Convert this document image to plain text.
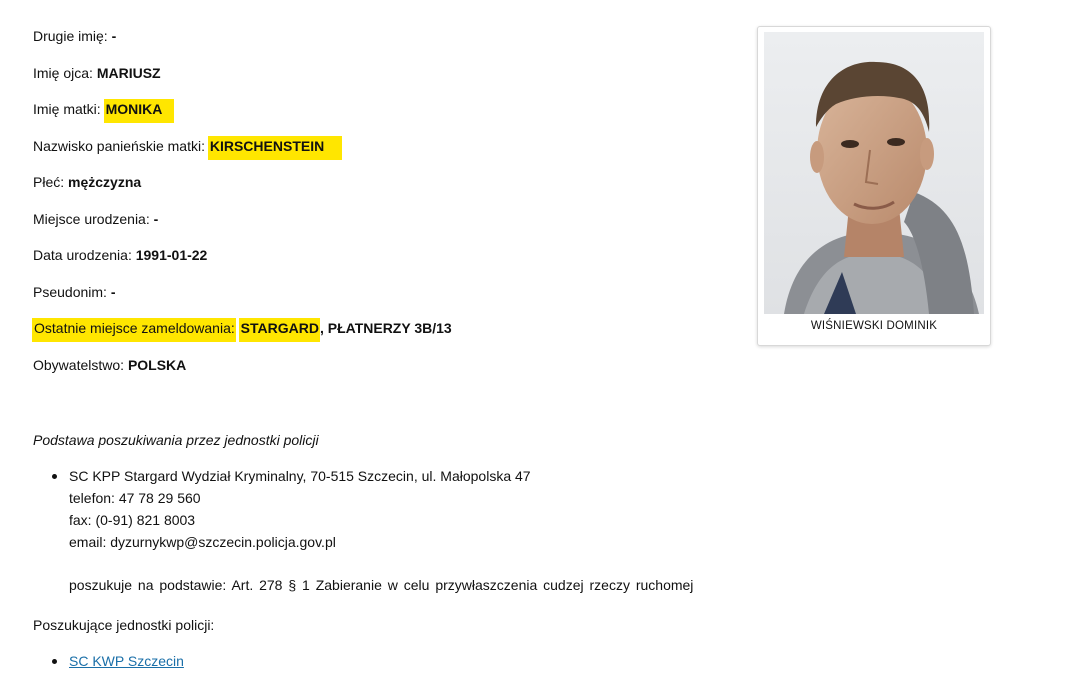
Drugie imię: -
Imię ojca: MARIUSZ
Imię matki: MONIKA
Nazwisko panieńskie matki: KIRSCHENSTEIN
Płeć: mężczyzna
Miejsce urodzenia: -
Data urodzenia: 1991-01-22
Pseudonim: -
Ostatnie miejsce zameldowania: STARGARD, PŁATNERZY 3B/13
Obywatelstwo: POLSKA
WIŚNIEWSKI DOMINIK
Podstawa poszukiwania przez jednostki policji
SC KPP Stargard Wydział Kryminalny, 70-515 Szczecin, ul. Małopolska 47
telefon: 47 78 29 560
fax: (0-91) 821 8003
email: dyzurnykwp@szczecin.policja.gov.pl
poszukuje na podstawie: Art. 278 § 1 Zabieranie w celu przywłaszczenia cudzej rzeczy ruchomej
Poszukujące jednostki policji:
SC KWP Szczecin
